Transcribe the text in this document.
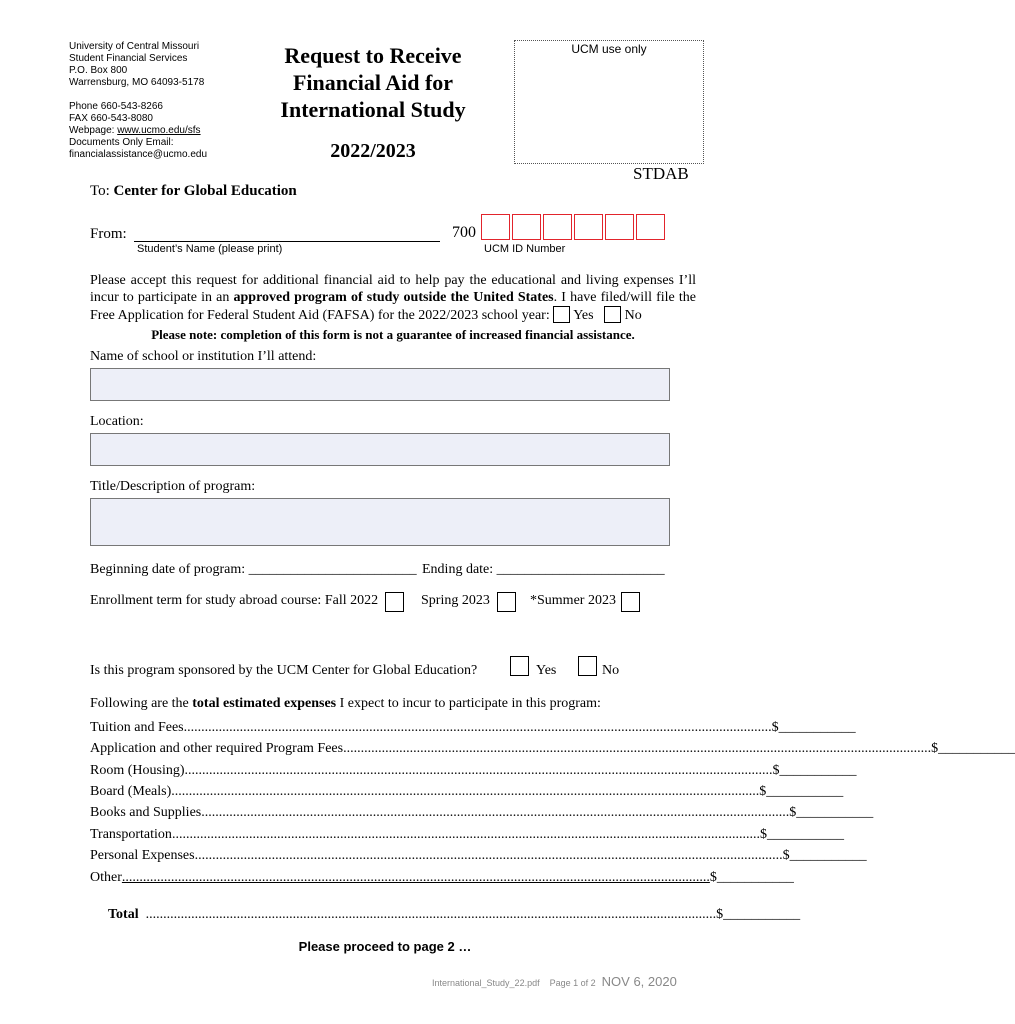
University of Central Missouri
Student Financial Services
P.O. Box 800
Warrensburg, MO 64093-5178
Phone 660-543-8266
FAX 660-543-8080
Webpage: www.ucmo.edu/sfs
Documents Only Email:
financialassistance@ucmo.edu
Request to Receive
Financial Aid for
International Study
2022/2023
UCM use only
STDAB
To: Center for Global Education
From:
Student’s Name (please print)
700
UCM ID Number
Please accept this request for additional financial aid to help pay the educational and living expenses I’ll incur to participate in an approved program of study outside the United States. I have filed/will file the Free Application for Federal Student Aid (FAFSA) for the 2022/2023 school year: Yes No
Please note: completion of this form is not a guarantee of increased financial assistance.
Name of school or institution I’ll attend:
Location:
Title/Description of program:
Beginning date of program: ________________________ Ending date: ________________________
Enrollment term for study abroad course: Fall 2022	Spring 2023	*Summer 2023
Is this program sponsored by the UCM Center for Global Education?	Yes	No
Following are the total estimated expenses I expect to incur to participate in this program:
Tuition and Fees ........................................................................................................................................................................ $___________
Application and other required Program Fees ........................................................................................................................................................................ $___________
Room (Housing) ........................................................................................................................................................................ $___________
Board (Meals) ........................................................................................................................................................................ $___________
Books and Supplies ........................................................................................................................................................................ $___________
Transportation ........................................................................................................................................................................ $___________
Personal Expenses ........................................................................................................................................................................ $___________
Other ........................................................................................................................................................................ $___________
Total ................................................................................................................................................................... $___________
Please proceed to page 2 …
International_Study_22.pdf Page 1 of 2 NOV 6, 2020
